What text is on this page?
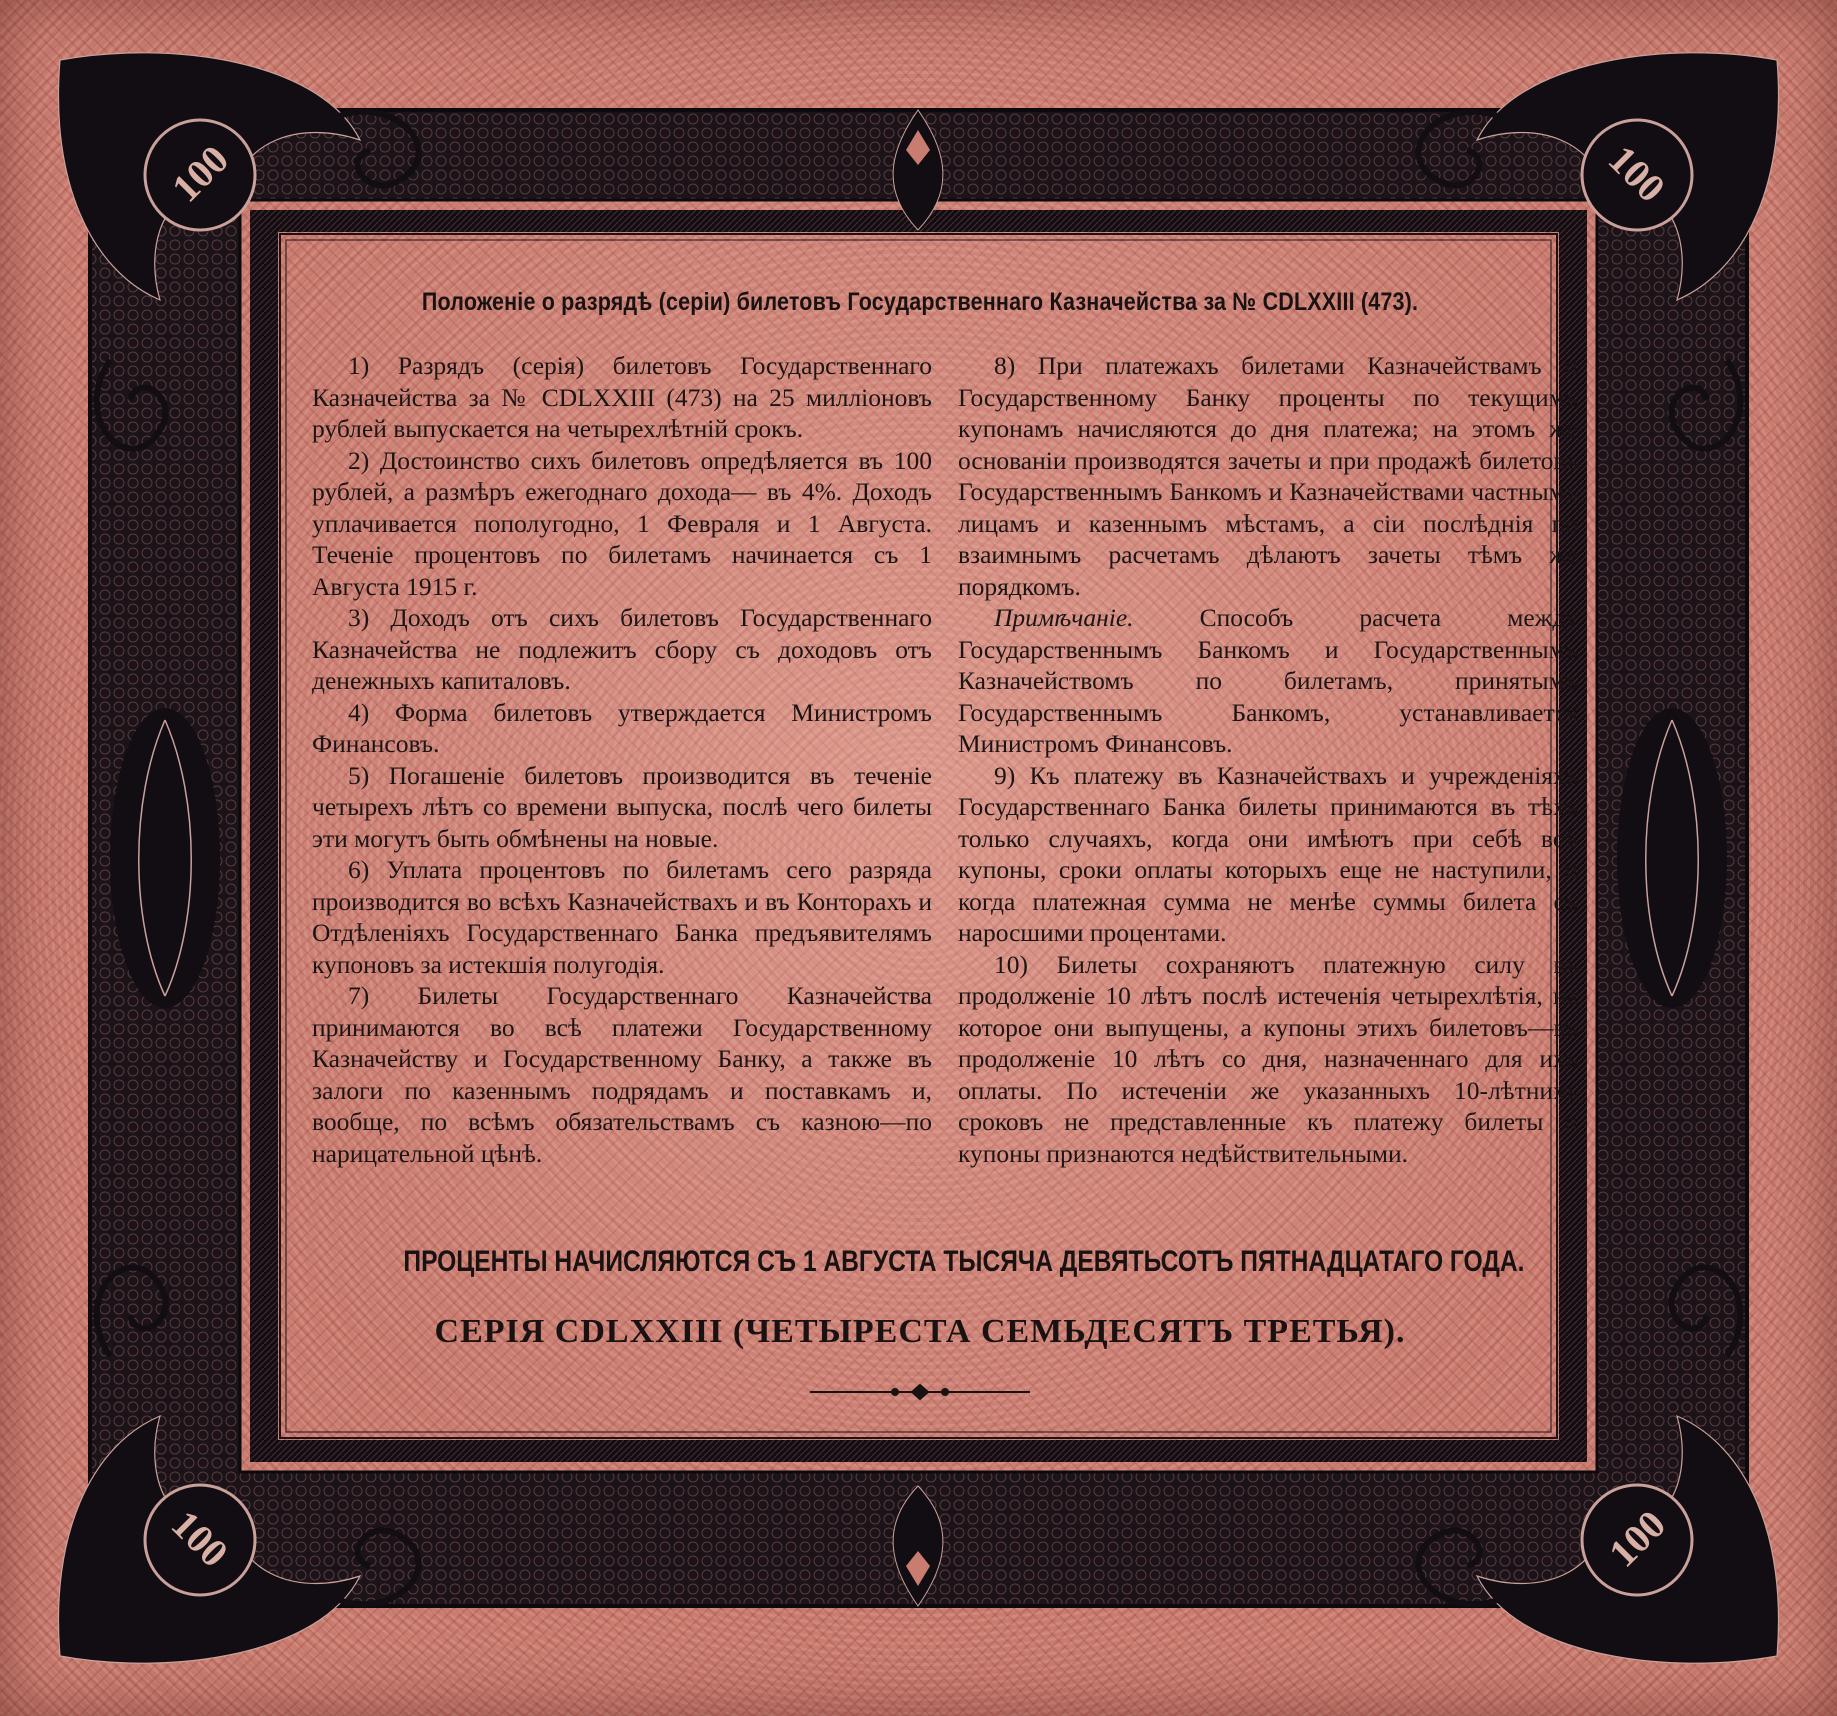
100	100
100	100
Положенiе о разрядѣ (серiи) билетовъ Государственнаго Казначейства за № CDLXXIII (473).

1) Разрядъ (серiя) билетовъ Государственнаго Казначейства за № CDLXXIII (473) на 25 миллiоновъ рублей выпускается на четырехлѣтнiй срокъ.

2) Достоинство сихъ билетовъ опредѣляется въ 100 рублей, а размѣръ ежегоднаго дохода— въ 4%. Доходъ уплачивается пополугодно, 1 Февраля и 1 Августа. Теченiе процентовъ по билетамъ начинается съ 1 Августа 1915 г.

3) Доходъ отъ сихъ билетовъ Государственнаго Казначейства не подлежитъ сбору съ доходовъ отъ денежныхъ капиталовъ.

4) Форма билетовъ утверждается Министромъ Финансовъ.

5) Погашенiе билетовъ производится въ теченiе четырехъ лѣтъ со времени выпуска, послѣ чего билеты эти могутъ быть обмѣнены на новые.

6) Уплата процентовъ по билетамъ сего разряда производится во всѣхъ Казначействахъ и въ Конторахъ и Отдѣленiяхъ Государственнаго Банка предъявителямъ купоновъ за истекшiя полугодiя.

7) Билеты Государственнаго Казначейства принимаются во всѣ платежи Государственному Казначейству и Государственному Банку, а также въ залоги по казеннымъ подрядамъ и поставкамъ и, вообще, по всѣмъ обязательствамъ съ казною—по нарицательной цѣнѣ.

8) При платежахъ билетами Казначействамъ и Государственному Банку проценты по текущимъ купонамъ начисляются до дня платежа; на этомъ же основанiи производятся зачеты и при продажѣ билетовъ Государственнымъ Банкомъ и Казначействами частнымъ лицамъ и казеннымъ мѣстамъ, а сiи послѣднiя по взаимнымъ расчетамъ дѣлаютъ зачеты тѣмъ же порядкомъ.

Примѣчанiе.	Способъ расчета между Государственнымъ Банкомъ и Государственнымъ Казначействомъ по билетамъ, принятымъ Государственнымъ Банкомъ, устанавливается Министромъ Финансовъ.

9) Къ платежу въ Казначействахъ и учрежденiяхъ Государственнаго Банка билеты принимаются въ тѣхъ только случаяхъ, когда они имѣютъ при себѣ всѣ купоны, сроки оплаты которыхъ еще не наступили, и когда платежная сумма не менѣе суммы билета съ наросшими процентами.

10) Билеты сохраняютъ платежную силу въ продолженiе 10 лѣтъ послѣ истеченiя четырехлѣтiя, на которое они выпущены, а купоны этихъ билетовъ—въ продолженiе 10 лѣтъ со дня, назначеннаго для ихъ оплаты. По истеченiи же указанныхъ 10-лѣтнихъ сроковъ не представленные къ платежу билеты и купоны признаются недѣйствительными.

ПРОЦЕНТЫ НАЧИСЛЯЮТСЯ СЪ 1 АВГУСТА ТЫСЯЧА ДЕВЯТЬСОТЪ ПЯТНАДЦАТАГО ГОДА.
СЕРIЯ CDLXXIII (ЧЕТЫРЕСТА СЕМЬДЕСЯТЪ ТРЕТЬЯ).
